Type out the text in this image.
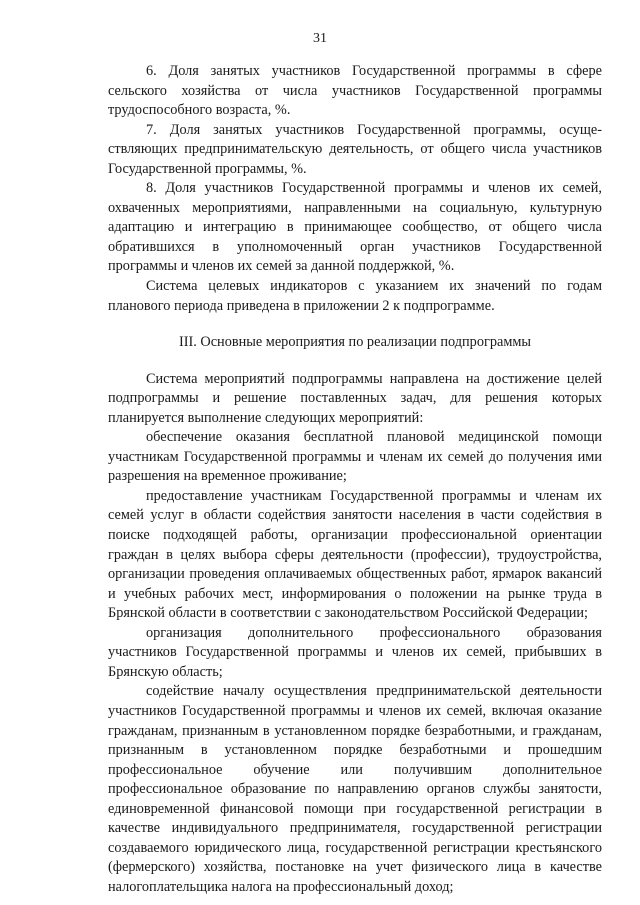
31

6. Доля занятых участников Государственной программы в сфере сельского хозяйства от числа участников Государственной программы трудоспособного возраста, %.

7. Доля занятых участников Государственной программы, осуществляющих предпринимательскую деятельность, от общего числа участников Государственной программы, %.

8. Доля участников Государственной программы и членов их семей, охваченных мероприятиями, направленными на социальную, культурную адаптацию и интеграцию в принимающее сообщество, от общего числа обратившихся в уполномоченный орган участников Государственной программы и членов их семей за данной поддержкой, %.

Система целевых индикаторов с указанием их значений по годам планового периода приведена в приложении 2 к подпрограмме.

III. Основные мероприятия по реализации подпрограммы

Система мероприятий подпрограммы направлена на достижение целей подпрограммы и решение поставленных задач, для решения которых планируется выполнение следующих мероприятий:

обеспечение оказания бесплатной плановой медицинской помощи участникам Государственной программы и членам их семей до получения ими разрешения на временное проживание;

предоставление участникам Государственной программы и членам их семей услуг в области содействия занятости населения в части содействия в поиске подходящей работы, организации профессиональной ориентации граждан в целях выбора сферы деятельности (профессии), трудоустройства, организации проведения оплачиваемых общественных работ, ярмарок вакансий и учебных рабочих мест, информирования о положении на рынке труда в Брянской области в соответствии с законодательством Российской Федерации;

организация дополнительного профессионального образования участников Государственной программы и членов их семей, прибывших в Брянскую область;

содействие началу осуществления предпринимательской деятельности участников Государственной программы и членов их семей, включая оказание гражданам, признанным в установленном порядке безработными, и гражданам, признанным в установленном порядке безработными и прошедшим профессиональное обучение или получившим дополнительное профессиональное образование по направлению органов службы занятости, единовременной финансовой помощи при государственной регистрации в качестве индивидуального предпринимателя, государственной регистрации создаваемого юридического лица, государственной регистрации крестьянского (фермерского) хозяйства, постановке на учет физического лица в качестве налогоплательщика налога на профессиональный доход;
